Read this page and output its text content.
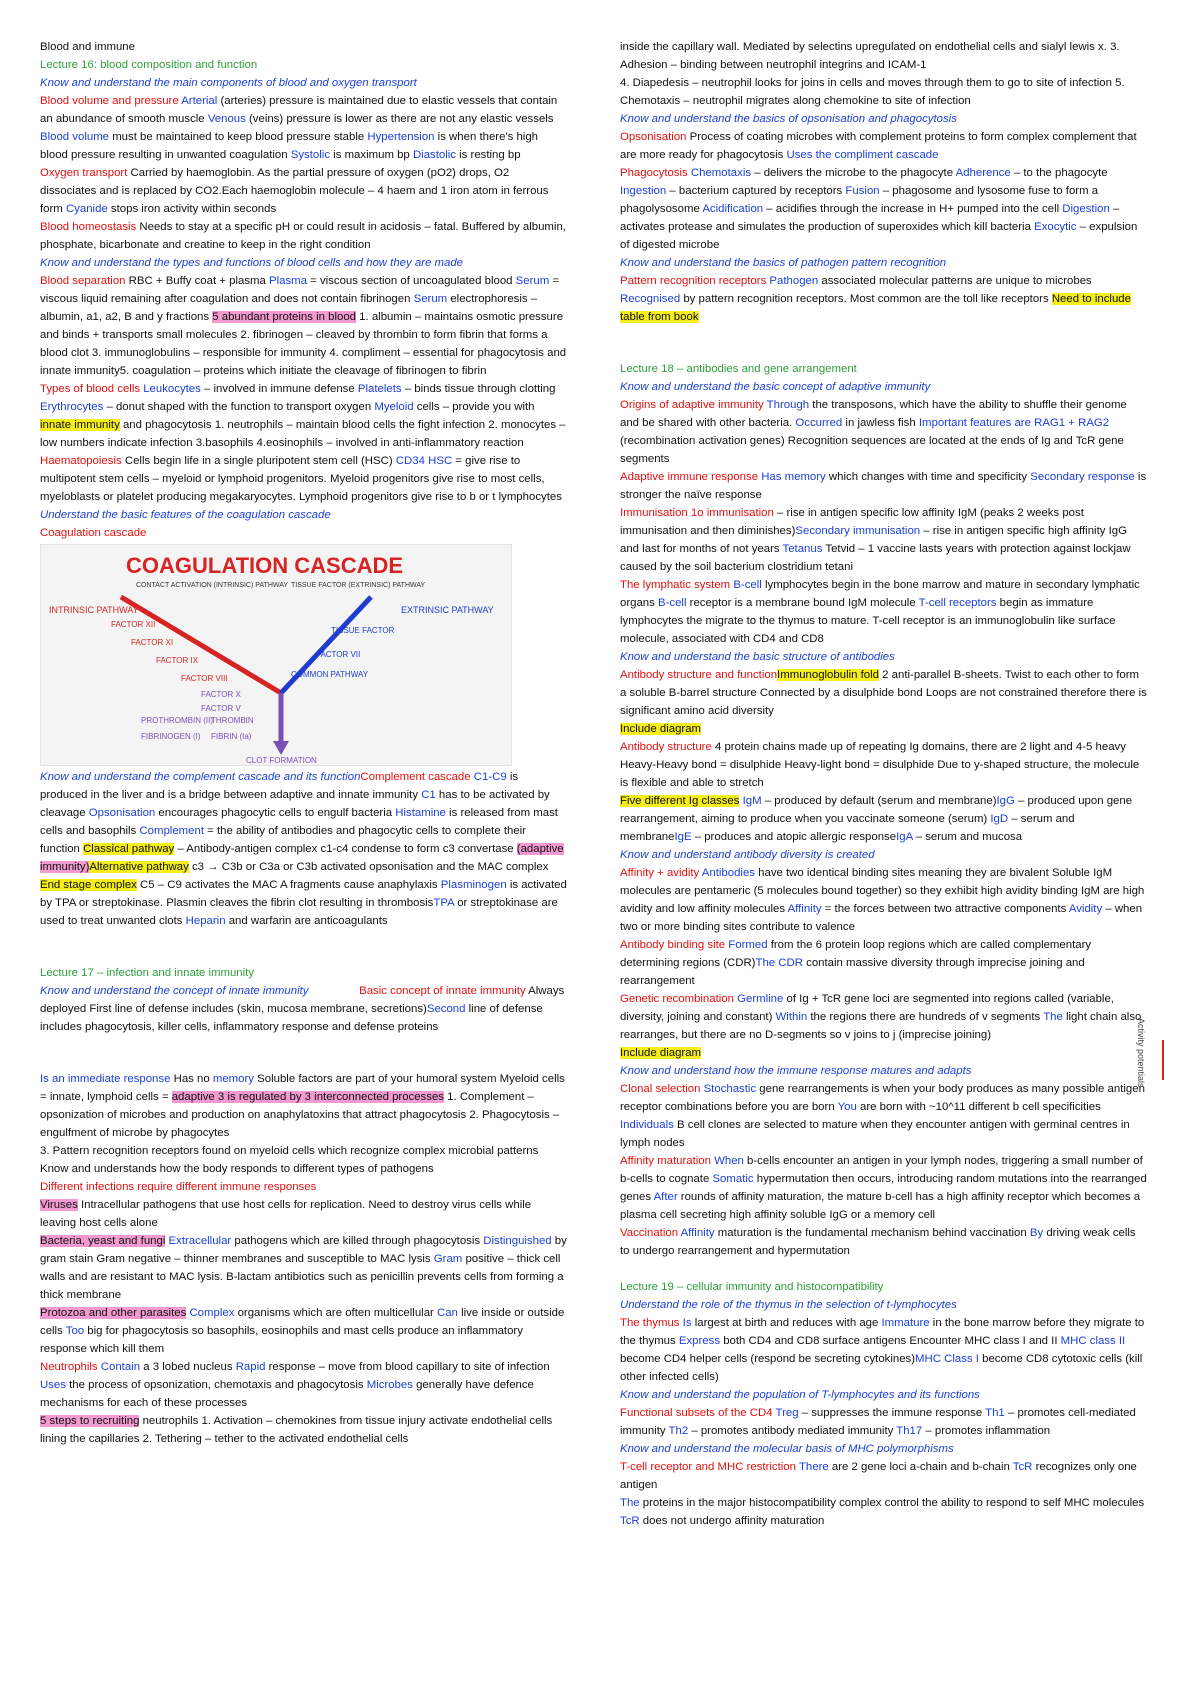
Blood and immune

Lecture 16: blood composition and function

Know and understand the main components of blood and oxygen transport

Blood volume and pressure Arterial (arteries) pressure is maintained due to elastic vessels that contain an abundance of smooth muscle Venous (veins) pressure is lower as there are not any elastic vessels Blood volume must be maintained to keep blood pressure stable Hypertension is when there's high blood pressure resulting in unwanted coagulation Systolic is maximum bp Diastolic is resting bp

Oxygen transport Carried by haemoglobin. As the partial pressure of oxygen (pO2) drops, O2 dissociates and is replaced by CO2.Each haemoglobin molecule – 4 haem and 1 iron atom in ferrous form Cyanide stops iron activity within seconds

Blood homeostasis Needs to stay at a specific pH or could result in acidosis – fatal. Buffered by albumin, phosphate, bicarbonate and creatine to keep in the right condition

Know and understand the types and functions of blood cells and how they are made

Blood separation RBC + Buffy coat + plasma Plasma = viscous section of uncoagulated blood Serum = viscous liquid remaining after coagulation and does not contain fibrinogen Serum electrophoresis – albumin, a1, a2, B and y fractions 5 abundant proteins in blood 1. albumin – maintains osmotic pressure and binds + transports small molecules 2. fibrinogen – cleaved by thrombin to form fibrin that forms a blood clot 3. immunoglobulins – responsible for immunity 4. compliment – essential for phagocytosis and innate immunity5. coagulation – proteins which initiate the cleavage of fibrinogen to fibrin

Types of blood cells Leukocytes – involved in immune defense Platelets – binds tissue through clotting Erythrocytes – donut shaped with the function to transport oxygen Myeloid cells – provide you with innate immunity and phagocytosis 1. neutrophils – maintain blood cells the fight infection 2. monocytes – low numbers indicate infection 3.basophils 4.eosinophils – involved in anti-inflammatory reaction

Haematopoiesis Cells begin life in a single pluripotent stem cell (HSC) CD34 HSC = give rise to multipotent stem cells – myeloid or lymphoid progenitors. Myeloid progenitors give rise to most cells, myeloblasts or platelet producing megakaryocytes. Lymphoid progenitors give rise to b or t lymphocytes

Understand the basic features of the coagulation cascade

Coagulation cascade

COAGULATION CASCADE
CONTACT ACTIVATION (INTRINSIC) PATHWAY TISSUE FACTOR (EXTRINSIC) PATHWAY
INTRINSIC PATHWAY	EXTRINSIC PATHWAY
FACTOR XII
FACTOR XI
FACTOR IX
FACTOR VIII
TISSUE FACTOR
FACTOR VII
COMMON PATHWAY
FACTOR X
FACTOR V
PROTHROMBIN (II)
THROMBIN
FIBRINOGEN (I) FIBRIN (Ia)
CLOT FORMATION

Know and understand the complement cascade and its functionComplement cascade C1-C9 is produced in the liver and is a bridge between adaptive and innate immunity C1 has to be activated by cleavage Opsonisation encourages phagocytic cells to engulf bacteria Histamine is released from mast cells and basophils Complement = the ability of antibodies and phagocytic cells to complete their function Classical pathway – Antibody-antigen complex c1-c4 condense to form c3 convertase (adaptive immunity)Alternative pathway c3 → C3b or C3a or C3b activated opsonisation and the MAC complex End stage complex C5 – C9 activates the MAC A fragments cause anaphylaxis Plasminogen is activated by TPA or streptokinase. Plasmin cleaves the fibrin clot resulting in thrombosisTPA or streptokinase are used to treat unwanted clots Heparin and warfarin are anticoagulants

Lecture 17 – infection and innate immunity

Know and understand the concept of innate immunity	Basic concept of innate immunity Always deployed First line of defense includes (skin, mucosa membrane, secretions)Second line of defense includes phagocytosis, killer cells, inflammatory response and defense proteins

Is an immediate response Has no memory Soluble factors are part of your humoral system Myeloid cells = innate, lymphoid cells = adaptive 3 is regulated by 3 interconnected processes 1. Complement – opsonization of microbes and production on anaphylatoxins that attract phagocytosis 2. Phagocytosis – engulfment of microbe by phagocytes

3. Pattern recognition receptors found on myeloid cells which recognize complex microbial patterns

Know and understands how the body responds to different types of pathogens

Different infections require different immune responses

Viruses Intracellular pathogens that use host cells for replication. Need to destroy virus cells while leaving host cells alone

Bacteria, yeast and fungi Extracellular pathogens which are killed through phagocytosis Distinguished by gram stain Gram negative – thinner membranes and susceptible to MAC lysis Gram positive – thick cell walls and are resistant to MAC lysis. B-lactam antibiotics such as penicillin prevents cells from forming a thick membrane

Protozoa and other parasites Complex organisms which are often multicellular Can live inside or outside cells Too big for phagocytosis so basophils, eosinophils and mast cells produce an inflammatory response which kill them

Neutrophils Contain a 3 lobed nucleus Rapid response – move from blood capillary to site of infection Uses the process of opsonization, chemotaxis and phagocytosis Microbes generally have defence mechanisms for each of these processes

5 steps to recruiting neutrophils 1. Activation – chemokines from tissue injury activate endothelial cells lining the capillaries 2. Tethering – tether to the activated endothelial cells

inside the capillary wall. Mediated by selectins upregulated on endothelial cells and sialyl lewis x. 3. Adhesion – binding between neutrophil integrins and ICAM-1

4. Diapedesis – neutrophil looks for joins in cells and moves through them to go to site of infection 5. Chemotaxis – neutrophil migrates along chemokine to site of infection

Know and understand the basics of opsonisation and phagocytosis

Opsonisation Process of coating microbes with complement proteins to form complex complement that are more ready for phagocytosis Uses the compliment cascade

Phagocytosis Chemotaxis – delivers the microbe to the phagocyte Adherence – to the phagocyte Ingestion – bacterium captured by receptors Fusion – phagosome and lysosome fuse to form a phagolysosome Acidification – acidifies through the increase in H+ pumped into the cell Digestion – activates protease and simulates the production of superoxides which kill bacteria Exocytic – expulsion of digested microbe

Know and understand the basics of pathogen pattern recognition

Pattern recognition receptors Pathogen associated molecular patterns are unique to microbes Recognised by pattern recognition receptors. Most common are the toll like receptors Need to include table from book

Lecture 18 – antibodies and gene arrangement

Know and understand the basic concept of adaptive immunity

Origins of adaptive immunity Through the transposons, which have the ability to shuffle their genome and be shared with other bacteria. Occurred in jawless fish Important features are RAG1 + RAG2 (recombination activation genes) Recognition sequences are located at the ends of Ig and TcR gene segments

Adaptive immune response Has memory which changes with time and specificity Secondary response is stronger the naïve response

Immunisation 1o immunisation – rise in antigen specific low affinity IgM (peaks 2 weeks post immunisation and then diminishes)Secondary immunisation – rise in antigen specific high affinity IgG and last for months of not years Tetanus Tetvid – 1 vaccine lasts years with protection against lockjaw caused by the soil bacterium clostridium tetani

The lymphatic system B-cell lymphocytes begin in the bone marrow and mature in secondary lymphatic organs B-cell receptor is a membrane bound IgM molecule T-cell receptors begin as immature lymphocytes the migrate to the thymus to mature. T-cell receptor is an immunoglobulin like surface molecule, associated with CD4 and CD8

Know and understand the basic structure of antibodies

Antibody structure and functionImmunoglobulin fold 2 anti-parallel B-sheets. Twist to each other to form a soluble B-barrel structure Connected by a disulphide bond Loops are not constrained therefore there is significant amino acid diversity

Include diagram

Antibody structure 4 protein chains made up of repeating Ig domains, there are 2 light and 4-5 heavy Heavy-Heavy bond = disulphide Heavy-light bond = disulphide Due to y-shaped structure, the molecule is flexible and able to stretch

Five different Ig classes IgM – produced by default (serum and membrane)IgG – produced upon gene rearrangement, aiming to produce when you vaccinate someone (serum) IgD – serum and membraneIgE – produces and atopic allergic responseIgA – serum and mucosa

Know and understand antibody diversity is created

Affinity + avidity Antibodies have two identical binding sites meaning they are bivalent Soluble IgM molecules are pentameric (5 molecules bound together) so they exhibit high avidity binding IgM are high avidity and low affinity molecules Affinity = the forces between two attractive components Avidity – when two or more binding sites contribute to valence

Antibody binding site Formed from the 6 protein loop regions which are called complementary determining regions (CDR)The CDR contain massive diversity through imprecise joining and rearrangement

Genetic recombination Germline of Ig + TcR gene loci are segmented into regions called (variable, diversity, joining and constant) Within the regions there are hundreds of v segments The light chain also rearranges, but there are no D-segments so v joins to j (imprecise joining)

Include diagram

Know and understand how the immune response matures and adapts

Clonal selection Stochastic gene rearrangements is when your body produces as many possible antigen receptor combinations before you are born You are born with ~10^11 different b cell specificities Individuals B cell clones are selected to mature when they encounter antigen with germinal centres in lymph nodes

Affinity maturation When b-cells encounter an antigen in your lymph nodes, triggering a small number of b-cells to cognate Somatic hypermutation then occurs, introducing random mutations into the rearranged genes After rounds of affinity maturation, the mature b-cell has a high affinity receptor which becomes a plasma cell secreting high affinity soluble IgG or a memory cell

Vaccination Affinity maturation is the fundamental mechanism behind vaccination By driving weak cells to undergo rearrangement and hypermutation

Lecture 19 – cellular immunity and histocompatibility

Understand the role of the thymus in the selection of t-lymphocytes

The thymus Is largest at birth and reduces with age Immature in the bone marrow before they migrate to the thymus Express both CD4 and CD8 surface antigens Encounter MHC class I and II MHC class II become CD4 helper cells (respond be secreting cytokines)MHC Class I become CD8 cytotoxic cells (kill other infected cells)

Know and understand the population of T-lymphocytes and its functions

Functional subsets of the CD4 Treg – suppresses the immune response Th1 – promotes cell-mediated immunity Th2 – promotes antibody mediated immunity Th17 – promotes inflammation

Know and understand the molecular basis of MHC polymorphisms

T-cell receptor and MHC restriction There are 2 gene loci a-chain and b-chain TcR recognizes only one antigen

The proteins in the major histocompatibility complex control the ability to respond to self MHC molecules TcR does not undergo affinity maturation

Activity potentials
